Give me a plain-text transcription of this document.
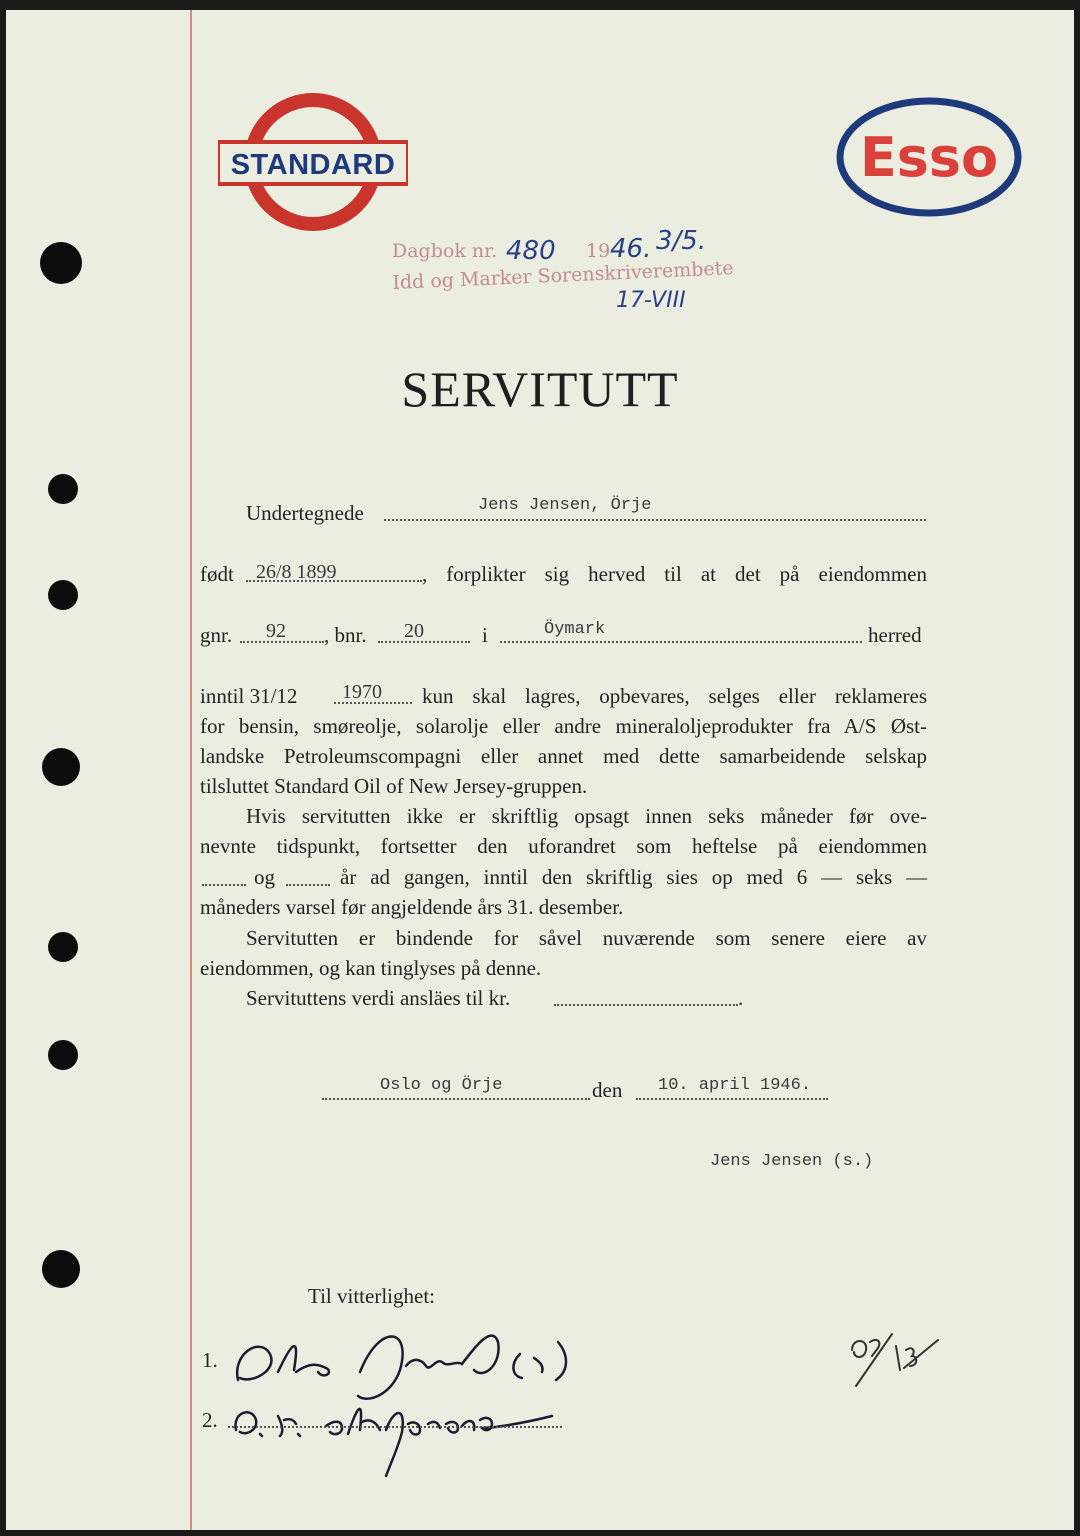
STANDARD	Esso
Dagbok nr. 480 19 46. 3/5.
Idd og Marker Sorenskriverembete
17-VIII
SERVITUTT
Undertegnede	Jens Jensen, Örje
født 26/8 1899	, forplikter sig herved til at det på eiendommen
gnr. 92 , bnr. 20	i	Öymark	herred
inntil 31/12 1970 kun skal lagres, opbevares, selges eller reklameres
for bensin, smøreolje, solarolje eller andre mineraloljeprodukter fra A/S Øst-
landske Petroleumscompagni eller annet med dette samarbeidende selskap
tilsluttet Standard Oil of New Jersey-gruppen.
Hvis servitutten ikke er skriftlig opsagt innen seks måneder før ove-
nevnte tidspunkt, fortsetter den uforandret som heftelse på eiendommen
og	år ad gangen, inntil den skriftlig sies op med 6 — seks —
måneders varsel før angjeldende års 31. desember.
Servitutten er bindende for såvel nuværende som senere eiere av
eiendommen, og kan tinglyses på denne.
Servituttens verdi ansläes til kr.	.
Oslo og Örje	den 10. april 1946.
Jens Jensen (s.)
Til vitterlighet:
1.
2.
